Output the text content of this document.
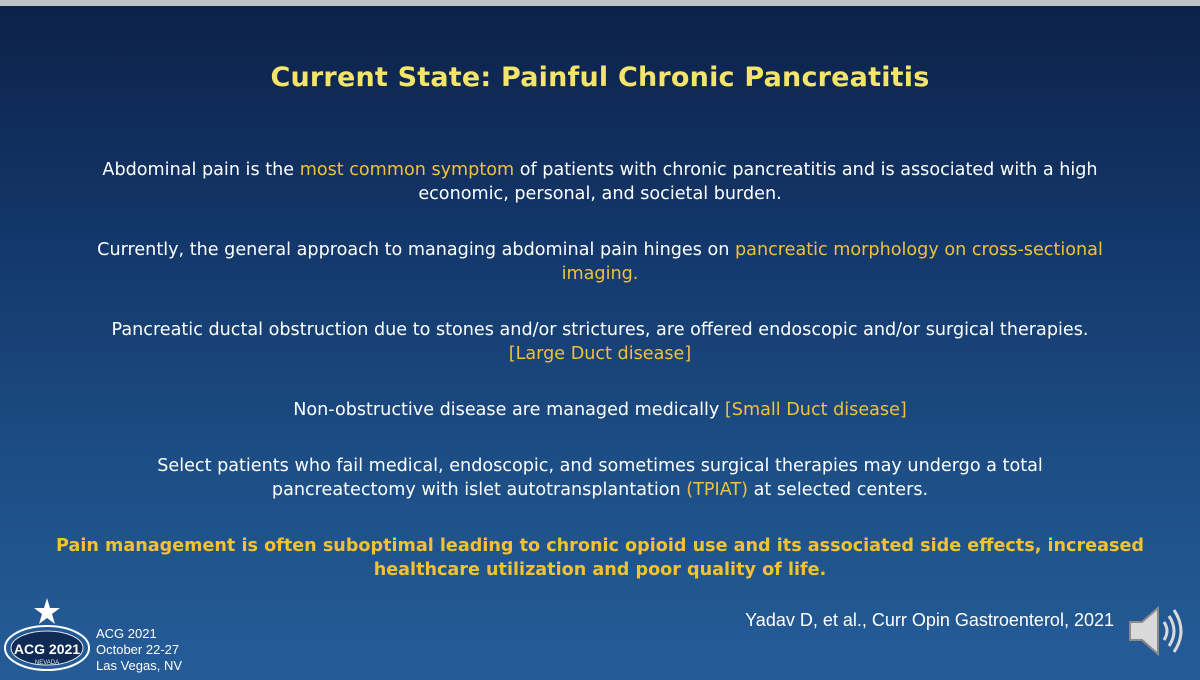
Current State: Painful Chronic Pancreatitis

Abdominal pain is the most common symptom of patients with chronic pancreatitis and is associated with a high
economic, personal, and societal burden.

Currently, the general approach to managing abdominal pain hinges on pancreatic morphology on cross-sectional
imaging.

Pancreatic ductal obstruction due to stones and/or strictures, are offered endoscopic and/or surgical therapies.
[Large Duct disease]

Non-obstructive disease are managed medically [Small Duct disease]

Select patients who fail medical, endoscopic, and sometimes surgical therapies may undergo a total
pancreatectomy with islet autotransplantation (TPIAT) at selected centers.

Pain management is often suboptimal leading to chronic opioid use and its associated side effects, increased
healthcare utilization and poor quality of life.

Yadav D, et al., Curr Opin Gastroenterol, 2021
ACG 2021
NEVADA
ACG 2021
October 22-27
Las Vegas, NV
